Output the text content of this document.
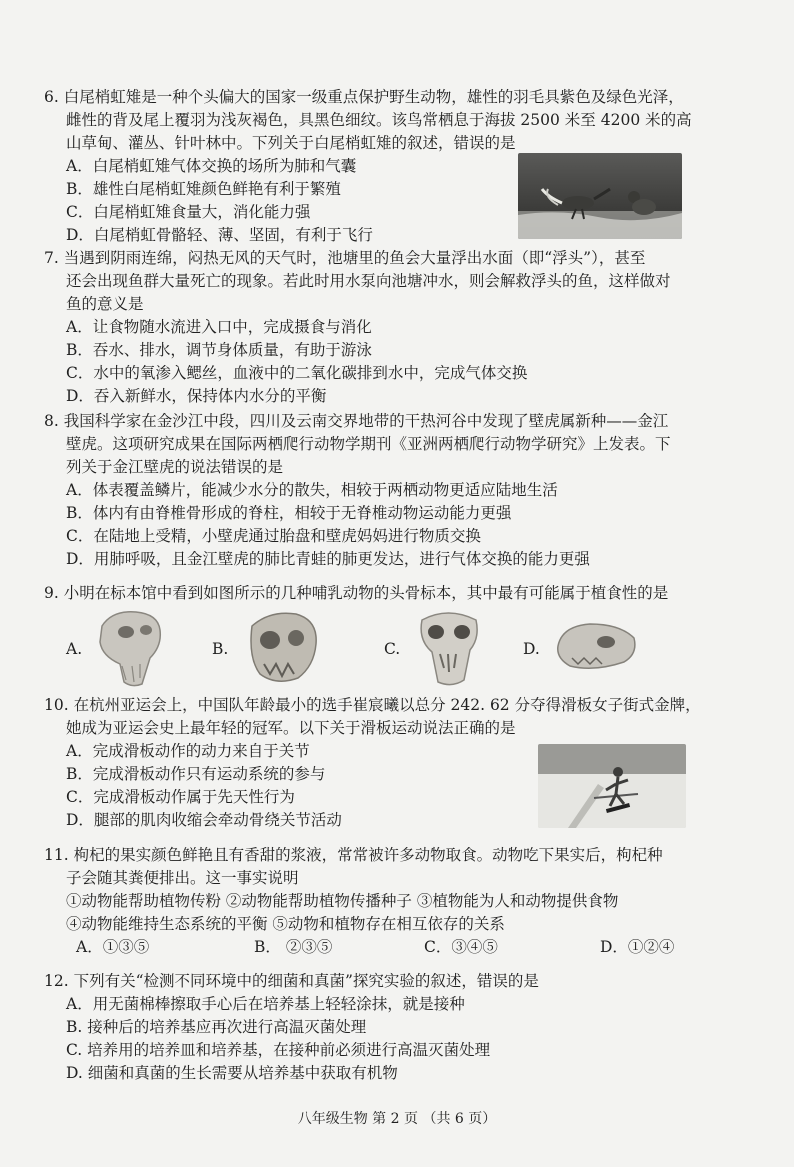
6. 白尾梢虹雉是一种个头偏大的国家一级重点保护野生动物，雄性的羽毛具紫色及绿色光泽，
雌性的背及尾上覆羽为浅灰褐色，具黑色细纹。该鸟常栖息于海拔 2500 米至 4200 米的高
山草甸、灌丛、针叶林中。下列关于白尾梢虹雉的叙述，错误的是
A．白尾梢虹雉气体交换的场所为肺和气囊
B．雄性白尾梢虹雉颜色鲜艳有利于繁殖
C．白尾梢虹雉食量大，消化能力强
D．白尾梢虹骨骼轻、薄、坚固，有利于飞行
7. 当遇到阴雨连绵，闷热无风的天气时，池塘里的鱼会大量浮出水面（即“浮头”），甚至
还会出现鱼群大量死亡的现象。若此时用水泵向池塘冲水，则会解救浮头的鱼，这样做对
鱼的意义是
A．让食物随水流进入口中，完成摄食与消化
B．吞水、排水，调节身体质量，有助于游泳
C．水中的氧渗入鳃丝，血液中的二氧化碳排到水中，完成气体交换
D．吞入新鲜水，保持体内水分的平衡
8. 我国科学家在金沙江中段，四川及云南交界地带的干热河谷中发现了壁虎属新种——金江
壁虎。这项研究成果在国际两栖爬行动物学期刊《亚洲两栖爬行动物学研究》上发表。下
列关于金江壁虎的说法错误的是
A．体表覆盖鳞片，能减少水分的散失，相较于两栖动物更适应陆地生活
B．体内有由脊椎骨形成的脊柱，相较于无脊椎动物运动能力更强
C．在陆地上受精，小壁虎通过胎盘和壁虎妈妈进行物质交换
D．用肺呼吸，且金江壁虎的肺比青蛙的肺更发达，进行气体交换的能力更强
9. 小明在标本馆中看到如图所示的几种哺乳动物的头骨标本，其中最有可能属于植食性的是
A.	B.	C.	D.
10. 在杭州亚运会上，中国队年龄最小的选手崔宸曦以总分 242. 62 分夺得滑板女子街式金牌，
她成为亚运会史上最年轻的冠军。以下关于滑板运动说法正确的是
A．完成滑板动作的动力来自于关节
B．完成滑板动作只有运动系统的参与
C．完成滑板动作属于先天性行为
D．腿部的肌肉收缩会牵动骨绕关节活动
11. 枸杞的果实颜色鲜艳且有香甜的浆液，常常被许多动物取食。动物吃下果实后，枸杞种
子会随其粪便排出。这一事实说明
①动物能帮助植物传粉 ②动物能帮助植物传播种子 ③植物能为人和动物提供食物
④动物能维持生态系统的平衡 ⑤动物和植物存在相互依存的关系
A．①③⑤	B． ②③⑤	C．③④⑤	D．①②④
12. 下列有关“检测不同环境中的细菌和真菌”探究实验的叙述，错误的是
A．用无菌棉棒擦取手心后在培养基上轻轻涂抹，就是接种
B. 接种后的培养基应再次进行高温灭菌处理
C. 培养用的培养皿和培养基，在接种前必须进行高温灭菌处理
D. 细菌和真菌的生长需要从培养基中获取有机物
八年级生物 第 2 页 （共 6 页）
